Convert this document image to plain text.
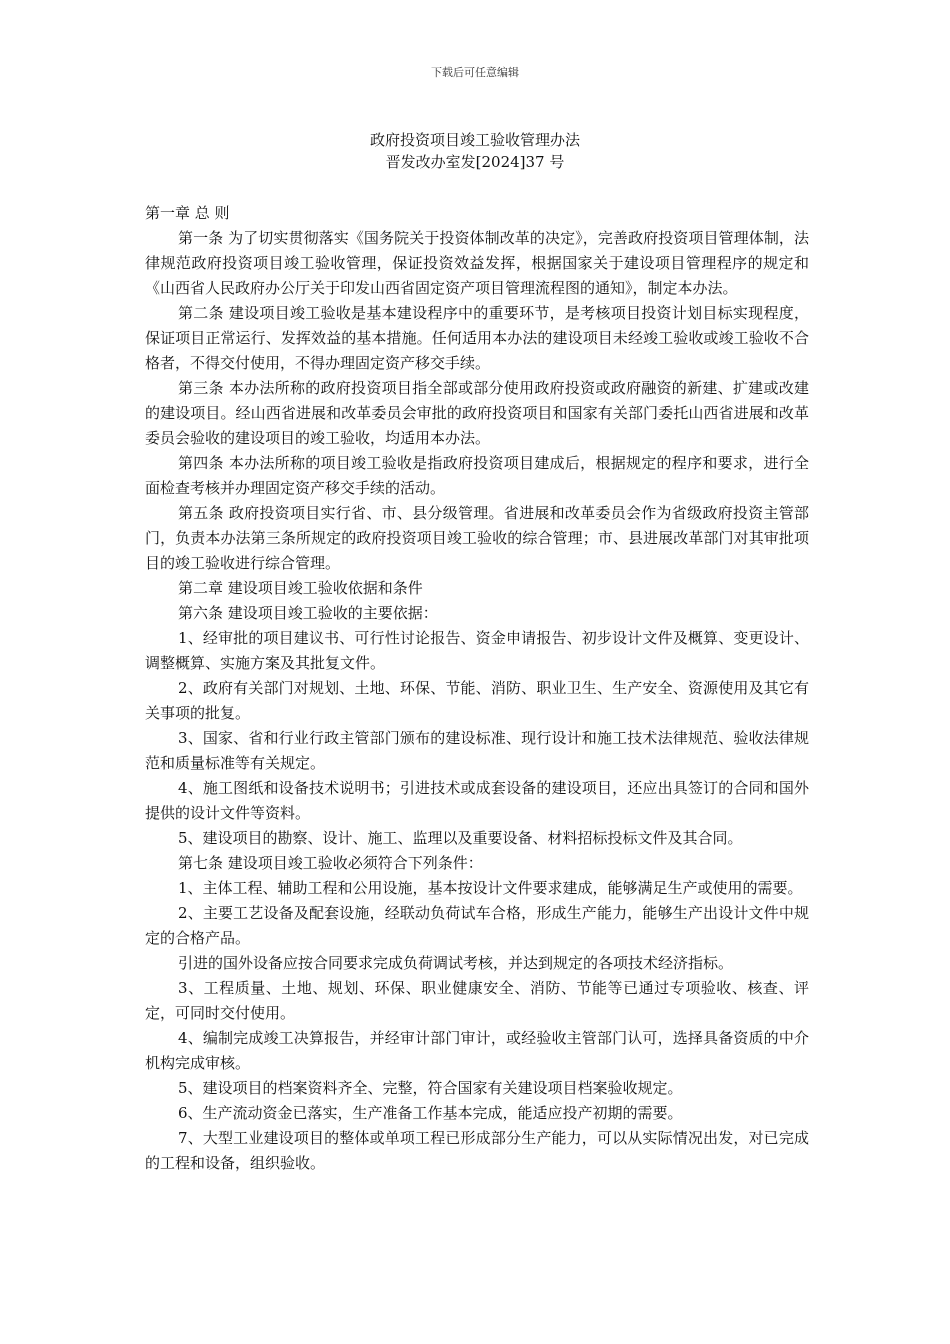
下载后可任意编辑
政府投资项目竣工验收管理办法
晋发改办室发[2024]37 号

第一章 总 则

第一条 为了切实贯彻落实《国务院关于投资体制改革的决定》，完善政府投资项目管理体制，法律规范政府投资项目竣工验收管理，保证投资效益发挥，根据国家关于建设项目管理程序的规定和《山西省人民政府办公厅关于印发山西省固定资产项目管理流程图的通知》，制定本办法。

第二条 建设项目竣工验收是基本建设程序中的重要环节，是考核项目投资计划目标实现程度，保证项目正常运行、发挥效益的基本措施。任何适用本办法的建设项目未经竣工验收或竣工验收不合格者，不得交付使用，不得办理固定资产移交手续。

第三条 本办法所称的政府投资项目指全部或部分使用政府投资或政府融资的新建、扩建或改建的建设项目。经山西省进展和改革委员会审批的政府投资项目和国家有关部门委托山西省进展和改革委员会验收的建设项目的竣工验收，均适用本办法。

第四条 本办法所称的项目竣工验收是指政府投资项目建成后，根据规定的程序和要求，进行全面检查考核并办理固定资产移交手续的活动。

第五条 政府投资项目实行省、市、县分级管理。省进展和改革委员会作为省级政府投资主管部门，负责本办法第三条所规定的政府投资项目竣工验收的综合管理；市、县进展改革部门对其审批项目的竣工验收进行综合管理。

第二章 建设项目竣工验收依据和条件

第六条 建设项目竣工验收的主要依据：

1、经审批的项目建议书、可行性讨论报告、资金申请报告、初步设计文件及概算、变更设计、调整概算、实施方案及其批复文件。

2、政府有关部门对规划、土地、环保、节能、消防、职业卫生、生产安全、资源使用及其它有关事项的批复。

3、国家、省和行业行政主管部门颁布的建设标准、现行设计和施工技术法律规范、验收法律规范和质量标准等有关规定。

4、施工图纸和设备技术说明书；引进技术或成套设备的建设项目，还应出具签订的合同和国外提供的设计文件等资料。

5、建设项目的勘察、设计、施工、监理以及重要设备、材料招标投标文件及其合同。

第七条 建设项目竣工验收必须符合下列条件：

1、主体工程、辅助工程和公用设施，基本按设计文件要求建成，能够满足生产或使用的需要。

2、主要工艺设备及配套设施，经联动负荷试车合格，形成生产能力，能够生产出设计文件中规定的合格产品。

引进的国外设备应按合同要求完成负荷调试考核，并达到规定的各项技术经济指标。

3、工程质量、土地、规划、环保、职业健康安全、消防、节能等已通过专项验收、核查、评定，可同时交付使用。

4、编制完成竣工决算报告，并经审计部门审计，或经验收主管部门认可，选择具备资质的中介机构完成审核。

5、建设项目的档案资料齐全、完整，符合国家有关建设项目档案验收规定。

6、生产流动资金已落实，生产准备工作基本完成，能适应投产初期的需要。

7、大型工业建设项目的整体或单项工程已形成部分生产能力，可以从实际情况出发，对已完成的工程和设备，组织验收。
